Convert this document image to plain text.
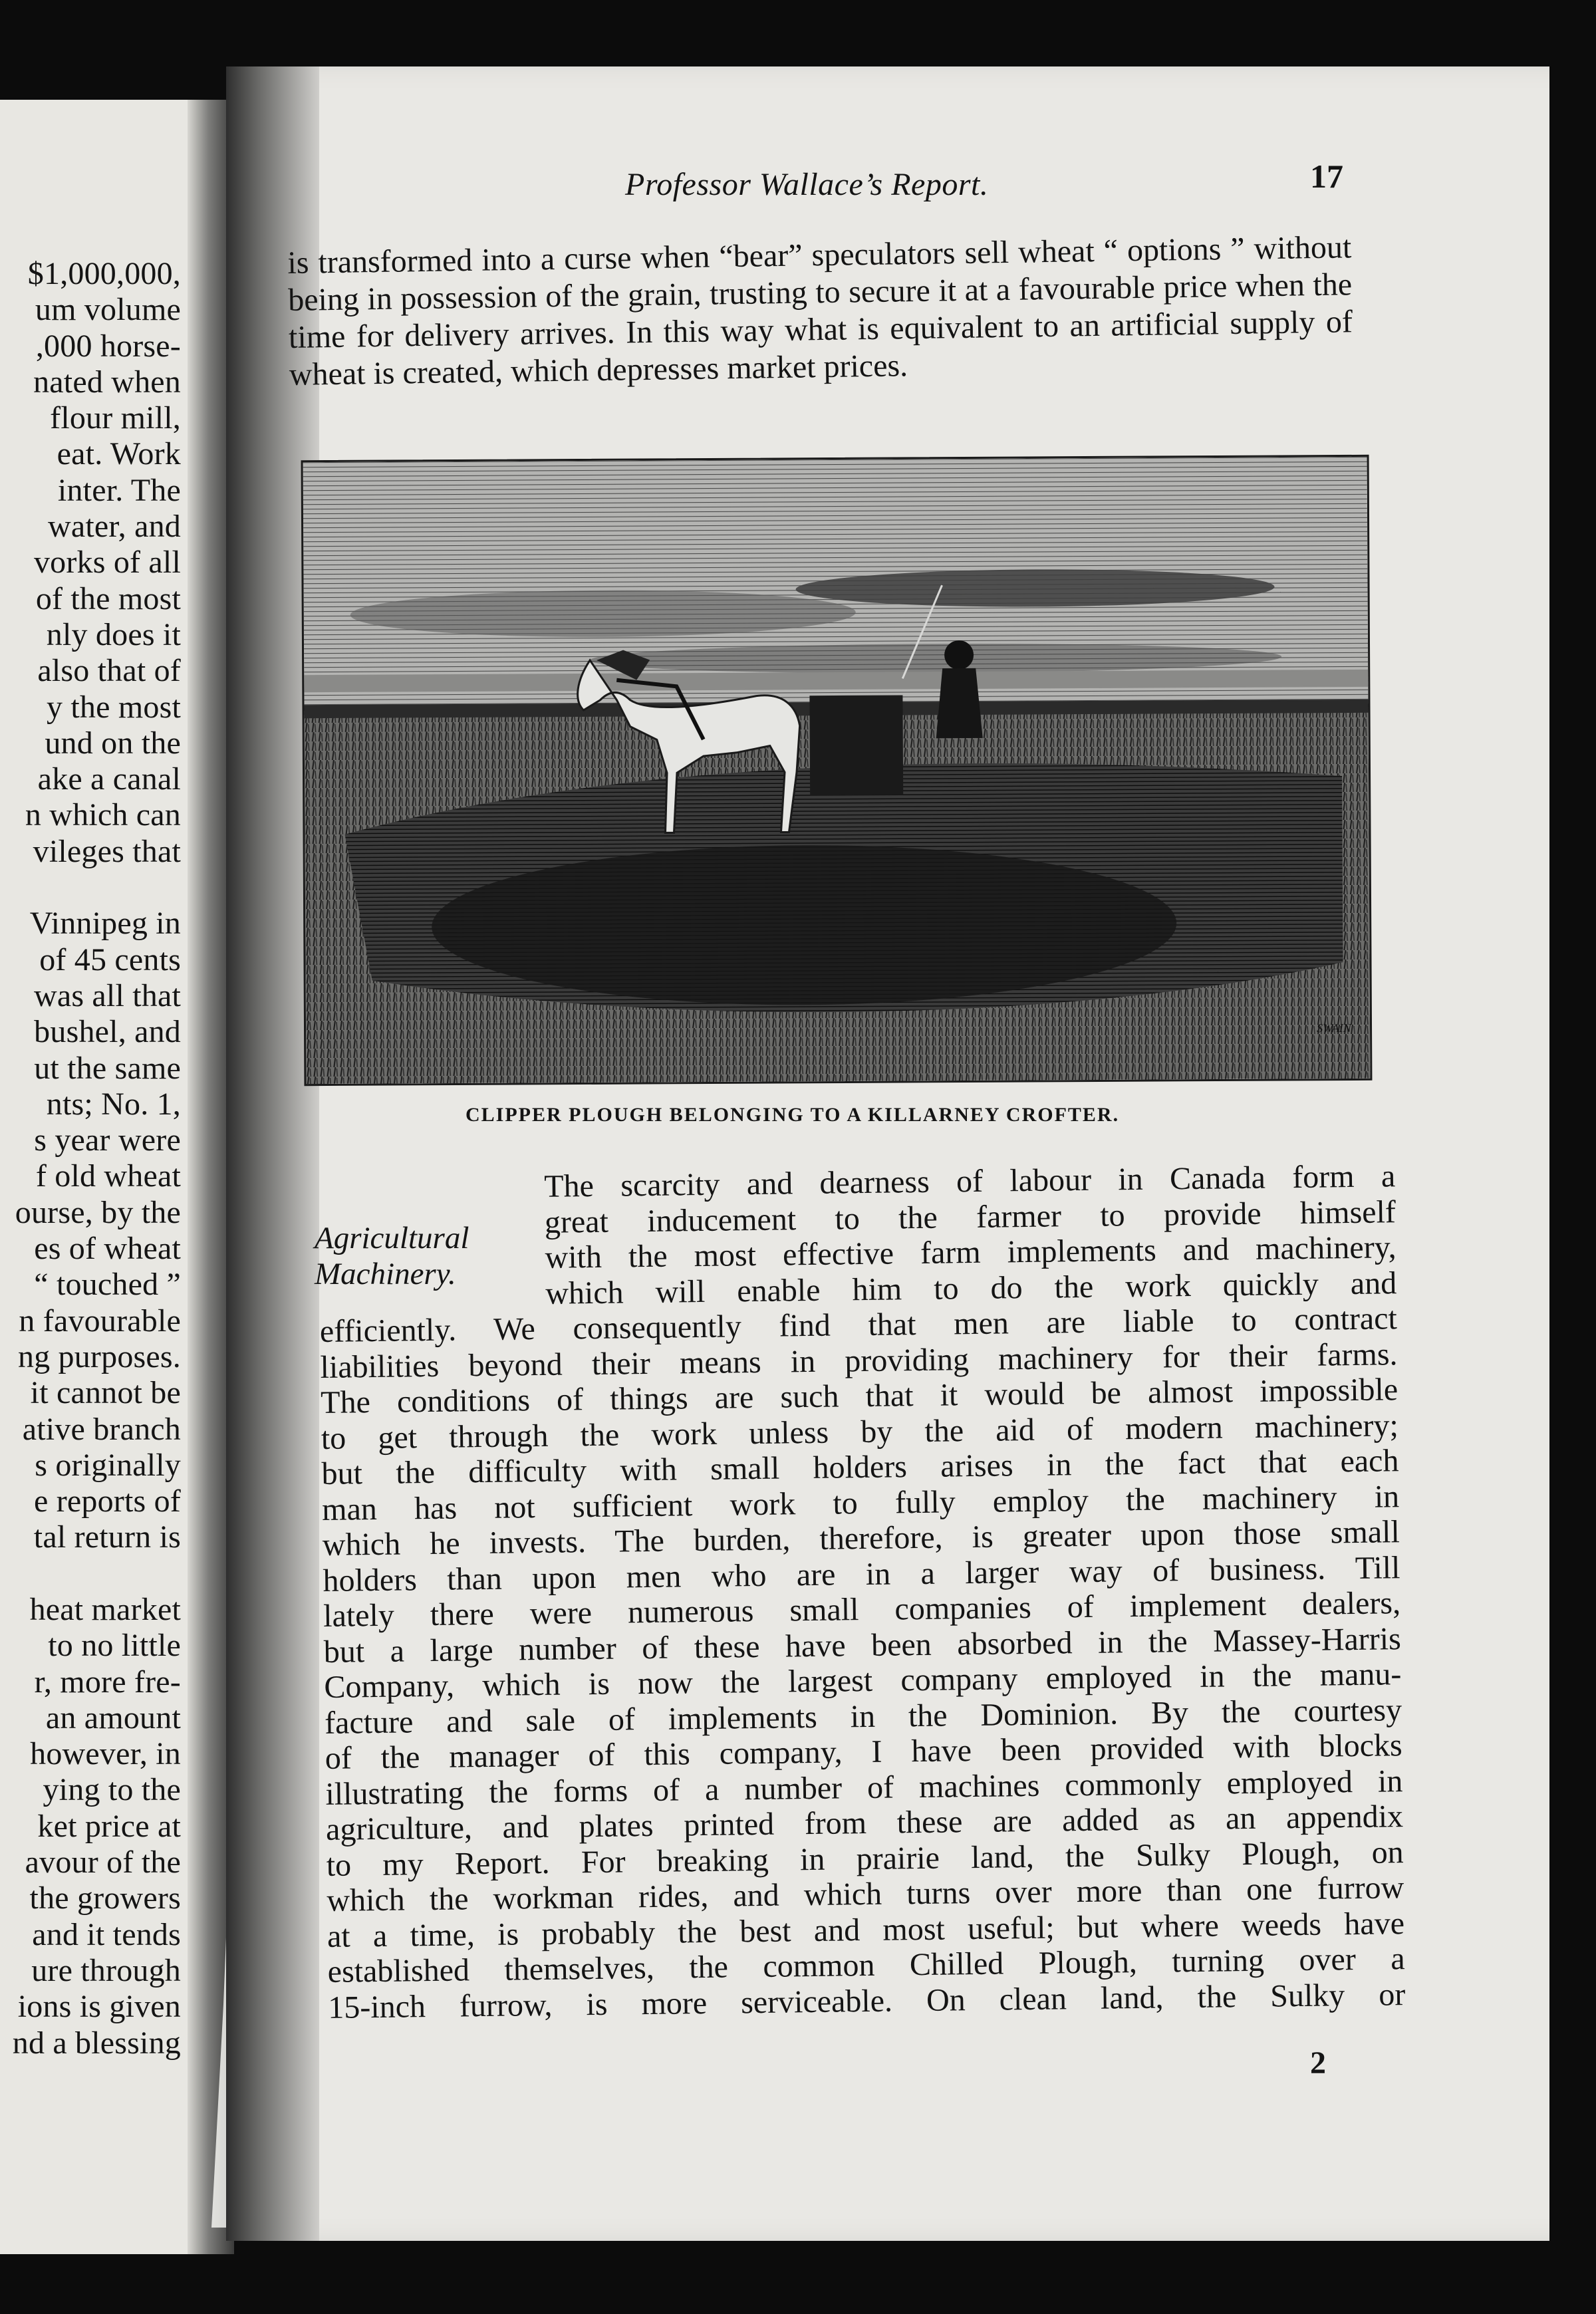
$1,000,000,
um volume
,000 horse-
nated when
flour mill,
eat. Work
inter. The
water, and
vorks of all
of the most
nly does it
also that of
y the most
und on the
ake a canal
n which can
vileges that
Vinnipeg in
of 45 cents
was all that
bushel, and
ut the same
nts; No. 1,
s year were
f old wheat
ourse, by the
es of wheat
“ touched ”
n favourable
ng purposes.
it cannot be
ative branch
s originally
e reports of
tal return is
heat market
to no little
r, more fre-
an amount
however, in
ying to the
ket price at
avour of the
the growers
and it tends
ure through
ions is given
nd a blessing
Professor Wallace’s Report.	17
is transformed into a curse when “bear” speculators sell wheat “ options ” without being in possession of the grain, trusting to secure it at a favourable price when the time for delivery arrives. In this way what is equivalent to an artificial supply of wheat is created, which depresses market prices.
SWAIN
CLIPPER PLOUGH BELONGING TO A KILLARNEY CROFTER.
Agricultural
Machinery.
The scarcity and dearness of labour in Canada form a
great inducement to the farmer to provide himself
with the most effective farm implements and machinery,
which will enable him to do the work quickly and
efficiently. We consequently find that men are liable to contract
liabilities beyond their means in providing machinery for their farms.
The conditions of things are such that it would be almost impossible
to get through the work unless by the aid of modern machinery;
but the difficulty with small holders arises in the fact that each
man has not sufficient work to fully employ the machinery in
which he invests. The burden, therefore, is greater upon those small
holders than upon men who are in a larger way of business. Till
lately there were numerous small companies of implement dealers,
but a large number of these have been absorbed in the Massey-Harris
Company, which is now the largest company employed in the manu-
facture and sale of implements in the Dominion. By the courtesy
of the manager of this company, I have been provided with blocks
illustrating the forms of a number of machines commonly employed in
agriculture, and plates printed from these are added as an appendix
to my Report. For breaking in prairie land, the Sulky Plough, on
which the workman rides, and which turns over more than one furrow
at a time, is probably the best and most useful; but where weeds have
established themselves, the common Chilled Plough, turning over a
15-inch furrow, is more serviceable. On clean land, the Sulky or
2
